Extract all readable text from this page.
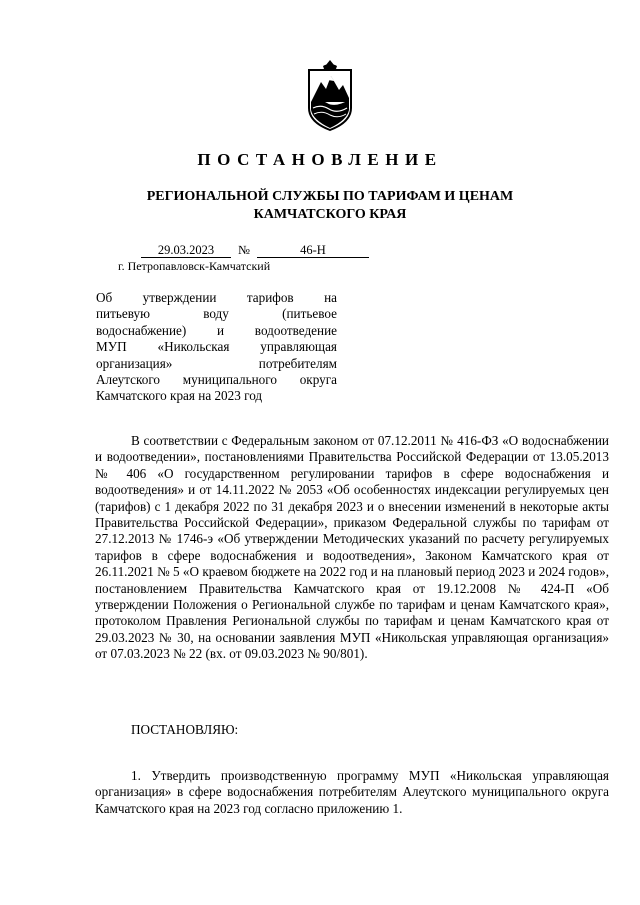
ПОСТАНОВЛЕНИЕ
РЕГИОНАЛЬНОЙ СЛУЖБЫ ПО ТАРИФАМ И ЦЕНАМ КАМЧАТСКОГО КРАЯ
29.03.2023 №	46-Н
г. Петропавловск-Камчатский
Об утверждении тарифов на
питьевую воду (питьевое
водоснабжение) и водоотведение
МУП «Никольская управляющая
организация» потребителям
Алеутского муниципального округа
Камчатского края на 2023 год

В соответствии с Федеральным законом от 07.12.2011 № 416-ФЗ «О водоснабжении и водоотведении», постановлениями Правительства Российской Федерации от 13.05.2013 № 406 «О государственном регулировании тарифов в сфере водоснабжения и водоотведения» и от 14.11.2022 № 2053 «Об особенностях индексации регулируемых цен (тарифов) с 1 декабря 2022 по 31 декабря 2023 и о внесении изменений в некоторые акты Правительства Российской Федерации», приказом Федеральной службы по тарифам от 27.12.2013 № 1746-э «Об утверждении Методических указаний по расчету регулируемых тарифов в сфере водоснабжения и водоотведения», Законом Камчатского края от 26.11.2021 № 5 «О краевом бюджете на 2022 год и на плановый период 2023 и 2024 годов», постановлением Правительства Камчатского края от 19.12.2008 № 424-П «Об утверждении Положения о Региональной службе по тарифам и ценам Камчатского края», протоколом Правления Региональной службы по тарифам и ценам Камчатского края от 29.03.2023 № 30, на основании заявления МУП «Никольская управляющая организация» от 07.03.2023 № 22 (вх. от 09.03.2023 № 90/801).

ПОСТАНОВЛЯЮ:

1. Утвердить производственную программу МУП «Никольская управляющая организация» в сфере водоснабжения потребителям Алеутского муниципального округа Камчатского края на 2023 год согласно приложению 1.
